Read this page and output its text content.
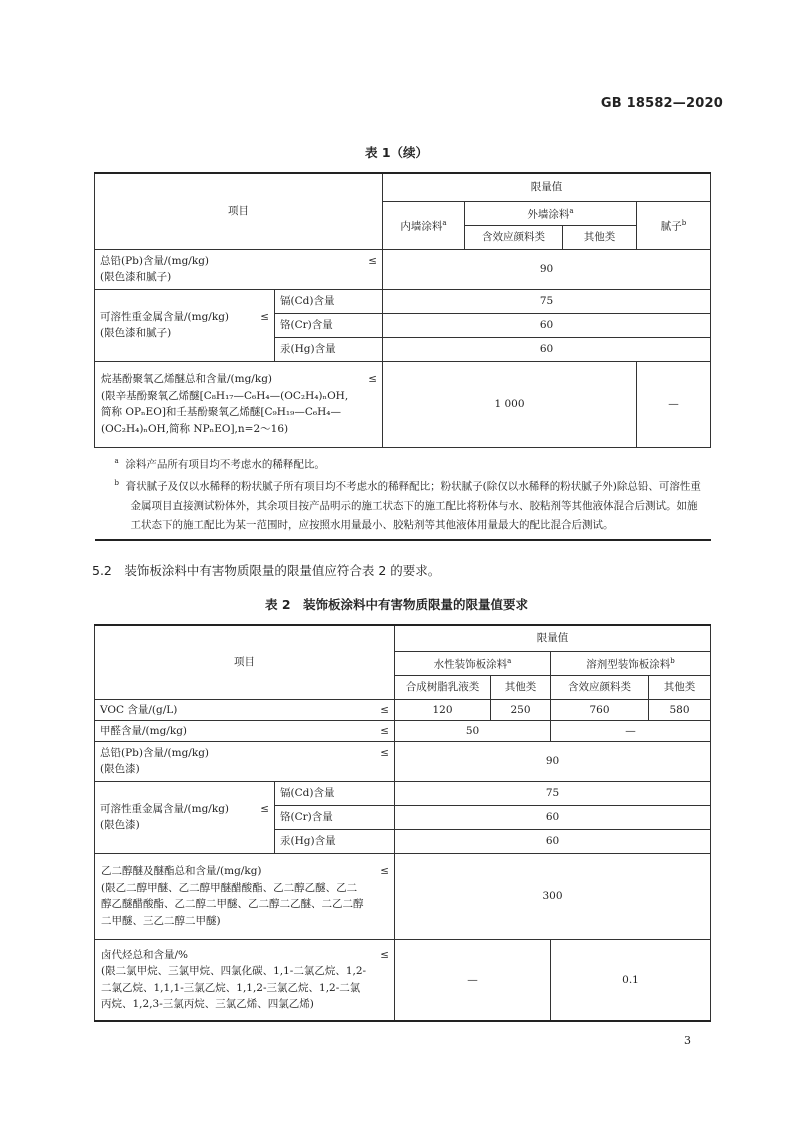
GB 18582—2020
表 1（续）
项目		限量值			
		内墙涂料$^a$	外墙涂料$^a$		腻子$^b$
			含效应颜料类	其他类	

总铅(Pb)含量/(mg/kg) ≤
(限色漆和腻子)		90			

可溶性重金属含量/(mg/kg) ≤
(限色漆和腻子)	镉(Cd)含量	75			
	铬(Cr)含量	60			
	汞(Hg)含量	60			

烷基酚聚氧乙烯醚总和含量/(mg/kg) ≤
(限辛基酚聚氧乙烯醚[C₈H₁₇—C₆H₄—(OC₂H₄)ₙOH,
简称 OPₙEO]和壬基酚聚氧乙烯醚[C₉H₁₉—C₆H₄—
(OC₂H₄)ₙOH,简称 NPₙEO],n=2～16)		1 000			—

$^a$ 涂料产品所有项目均不考虑水的稀释配比。
$^b$ 膏状腻子及仅以水稀释的粉状腻子所有项目均不考虑水的稀释配比；粉状腻子(除仅以水稀释的粉状腻子外)除总铅、可溶性重金属项目直接测试粉体外，其余项目按产品明示的施工状态下的施工配比将粉体与水、胶粘剂等其他液体混合后测试。如施工状态下的施工配比为某一范围时，应按照水用量最小、胶粘剂等其他液体用量最大的配比混合后测试。					
5.2　装饰板涂料中有害物质限量的限量值应符合表 2 的要求。
表 2　装饰板涂料中有害物质限量的限量值要求
项目		限量值			
		水性装饰板涂料$^a$		溶剂型装饰板涂料$^b$
		合成树脂乳液类	其他类	含效应颜料类	其他类
VOC 含量/(g/L) ≤		120	250	760	580
甲醛含量/(mg/kg) ≤		50		—	

总铅(Pb)含量/(mg/kg) ≤
(限色漆)		90			

可溶性重金属含量/(mg/kg) ≤
(限色漆)	镉(Cd)含量	75			
	铬(Cr)含量	60			
	汞(Hg)含量	60			

乙二醇醚及醚酯总和含量/(mg/kg) ≤
(限乙二醇甲醚、乙二醇甲醚醋酸酯、乙二醇乙醚、乙二
醇乙醚醋酸酯、乙二醇二甲醚、乙二醇二乙醚、二乙二醇
二甲醚、三乙二醇二甲醚)		300			

卤代烃总和含量/% ≤
(限二氯甲烷、三氯甲烷、四氯化碳、1,1-二氯乙烷、1,2-
二氯乙烷、1,1,1-三氯乙烷、1,1,2-三氯乙烷、1,2-二氯
丙烷、1,2,3-三氯丙烷、三氯乙烯、四氯乙烯)		—		0.1	
3
